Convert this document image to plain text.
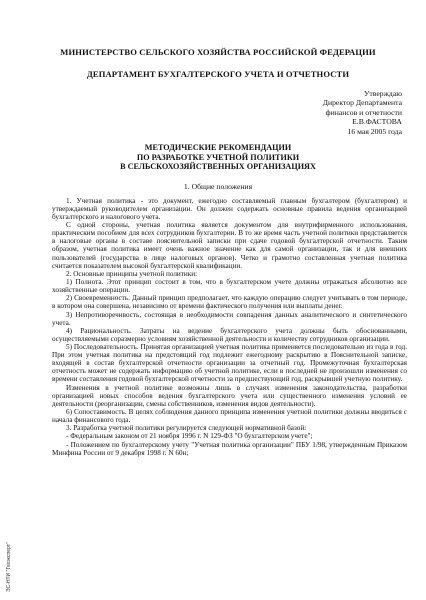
МИНИСТЕРСТВО СЕЛЬСКОГО ХОЗЯЙСТВА РОССИЙСКОЙ ФЕДЕРАЦИИ
ДЕПАРТАМЕНТ БУХГАЛТЕРСКОГО УЧЕТА И ОТЧЕТНОСТИ
Утверждаю
Директор Департамента
финансов и отчетности
Е.В.ФАСТОВА
16 мая 2005 года
МЕТОДИЧЕСКИЕ РЕКОМЕНДАЦИИ
ПО РАЗРАБОТКЕ УЧЕТНОЙ ПОЛИТИКИ
В СЕЛЬСКОХОЗЯЙСТВЕННЫХ ОРГАНИЗАЦИЯХ
1. Общие положения

1. Учетная политика - это документ, ежегодно составляемый главным бухгалтером (бухгалтером) и утверждаемый руководителем организации. Он должен содержать основные правила ведения организацией бухгалтерского и налогового учета.

С одной стороны, учетная политика является документом для внутрифирменного использования, практическим пособием для всех сотрудников бухгалтерии. В то же время часть учетной политики представляется в налоговые органы в составе пояснительной записки при сдаче годовой бухгалтерской отчетности. Таким образом, учетная политика имеет очень важное значение как для самой организации, так и для внешних пользователей (государства в лице налоговых органов). Четко и грамотно составленная учетная политика считается показателем высокой бухгалтерской квалификации.

2. Основные принципы учетной политики:

1) Полнота. Этот принцип состоит в том, что в бухгалтерском учете должны отражаться абсолютно все хозяйственные операции.

2) Своевременность. Данный принцип предполагает, что каждую операцию следует учитывать в том периоде, в котором она совершена, независимо от времени фактического получения или выплаты денег.

3) Непротиворечивость, состоящая в необходимости совпадения данных аналитического и синтетического учета.

4) Рациональность. Затраты на ведение бухгалтерского учета должны быть обоснованными, осуществляемыми соразмерно условиям хозяйственной деятельности и количеству сотрудников организации.

5) Последовательность. Принятая организацией учетная политика применяется последовательно из года в год. При этом учетная политика на предстоящий год подлежит ежегодному раскрытию в Пояснительной записке, входящей в состав бухгалтерской отчетности организации за отчетный год. Промежуточная бухгалтерская отчетность может не содержать информацию об учетной политике, если в последней не произошли изменения со времени составления годовой бухгалтерской отчетности за предшествующий год, раскрывшей учетную политику.

Изменения в учетной политике возможны лишь в случаях изменения законодательства, разработки организацией новых способов ведения бухгалтерского учета или существенного изменения условий ее деятельности (реорганизации, смены собственников, изменения видов деятельности).

6) Сопоставимость. В целях соблюдения данного принципа изменения учетной политики должны вводиться с начала финансового года.

3. Разработка учетной политики регулируется следующей нормативной базой:

- Федеральным законом от 21 ноября 1996 г. N 129-ФЗ "О бухгалтерском учете";

- Положением по бухгалтерскому учету "Учетная политика организации" ПБУ 1/98, утвержденным Приказом Минфина России от 9 декабря 1998 г. N 60н;

ЭС-НТИ "Техэксперт"
